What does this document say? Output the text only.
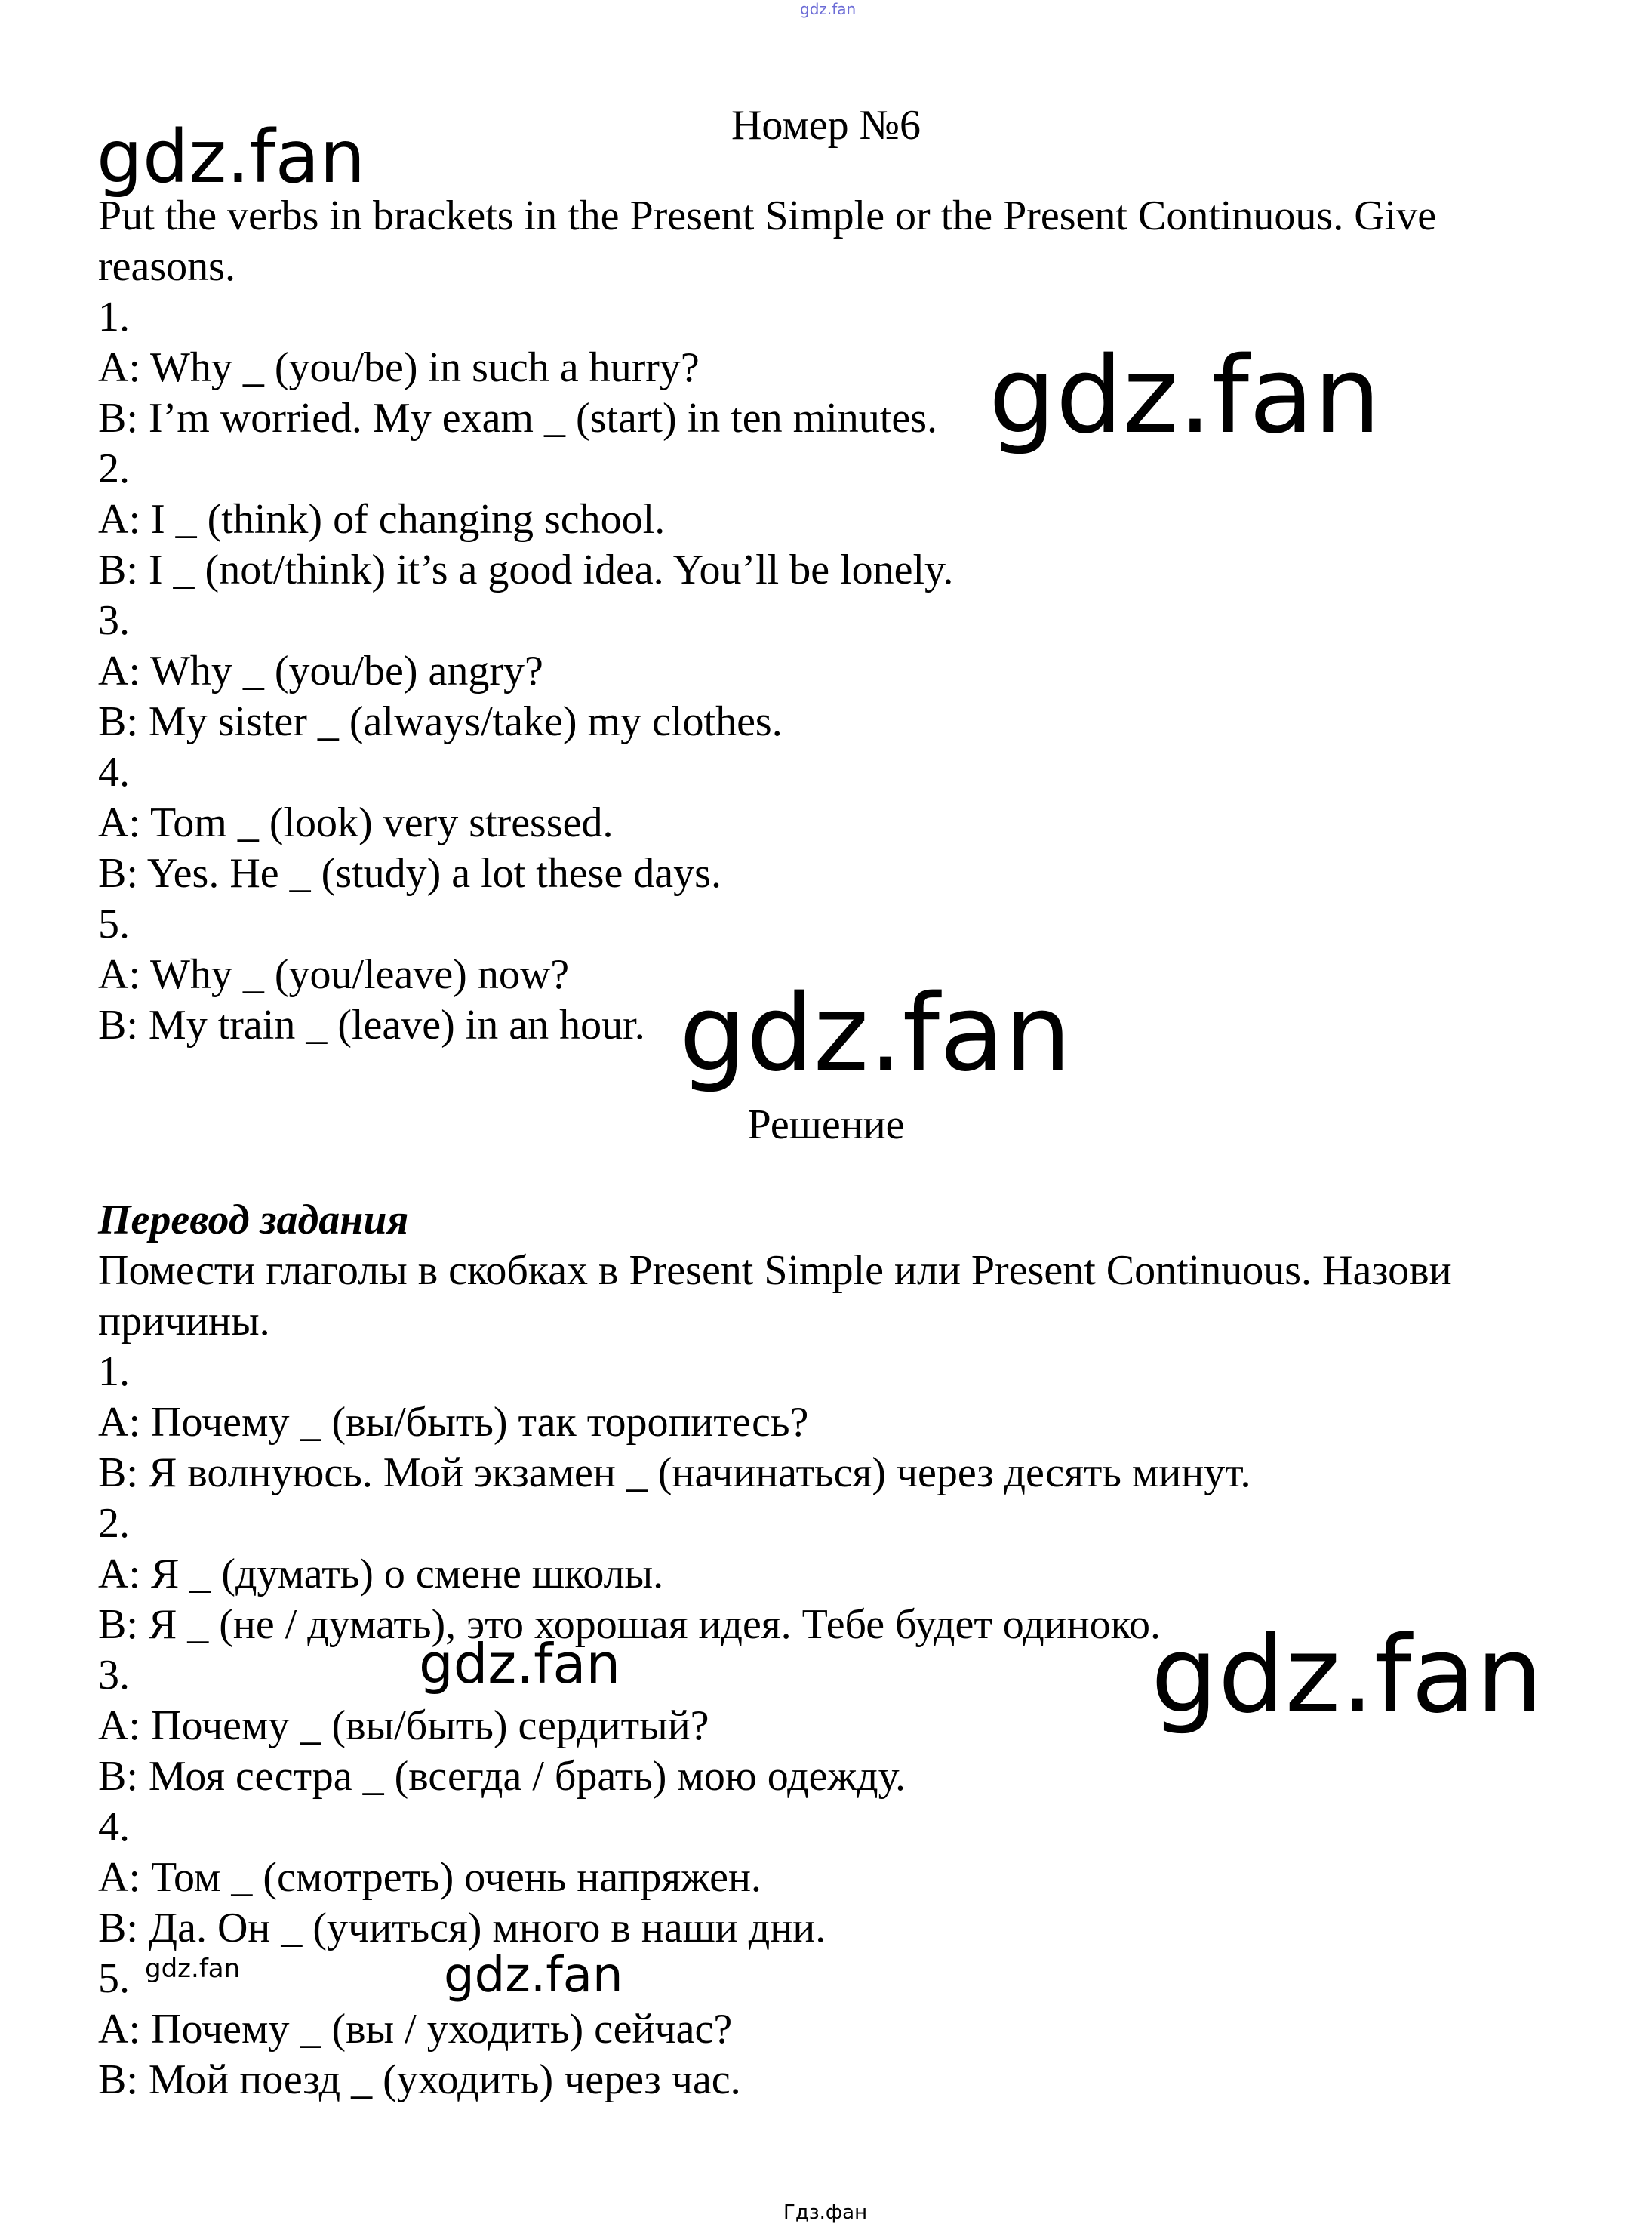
gdz.fan
Номер №6
gdz.fan
Put the verbs in brackets in the Present Simple or the Present Continuous. Give
reasons.
1.
A: Why _ (you/be) in such a hurry?
B: I’m worried. My exam _ (start) in ten minutes.
2.
A: I _ (think) of changing school.
B: I _ (not/think) it’s a good idea. You’ll be lonely.
3.
A: Why _ (you/be) angry?
B: My sister _ (always/take) my clothes.
4.
A: Tom _ (look) very stressed.
B: Yes. He _ (study) a lot these days.
5.
A: Why _ (you/leave) now?
B: My train _ (leave) in an hour.
gdz.fan
gdz.fan
Решение
Перевод задания
Помести глаголы в скобках в Present Simple или Present Continuous. Назови
причины.
1.
A: Почему _ (вы/быть) так торопитесь?
B: Я волнуюсь. Мой экзамен _ (начинаться) через десять минут.
2.
A: Я _ (думать) о смене школы.
B: Я _ (не / думать), это хорошая идея. Тебе будет одиноко.
3.
A: Почему _ (вы/быть) сердитый?
B: Моя сестра _ (всегда / брать) мою одежду.
4.
A: Том _ (смотреть) очень напряжен.
B: Да. Он _ (учиться) много в наши дни.
5.
A: Почему _ (вы / уходить) сейчас?
B: Мой поезд _ (уходить) через час.
gdz.fan
gdz.fan
gdz.fan	gdz.fan
Гдз.фан
